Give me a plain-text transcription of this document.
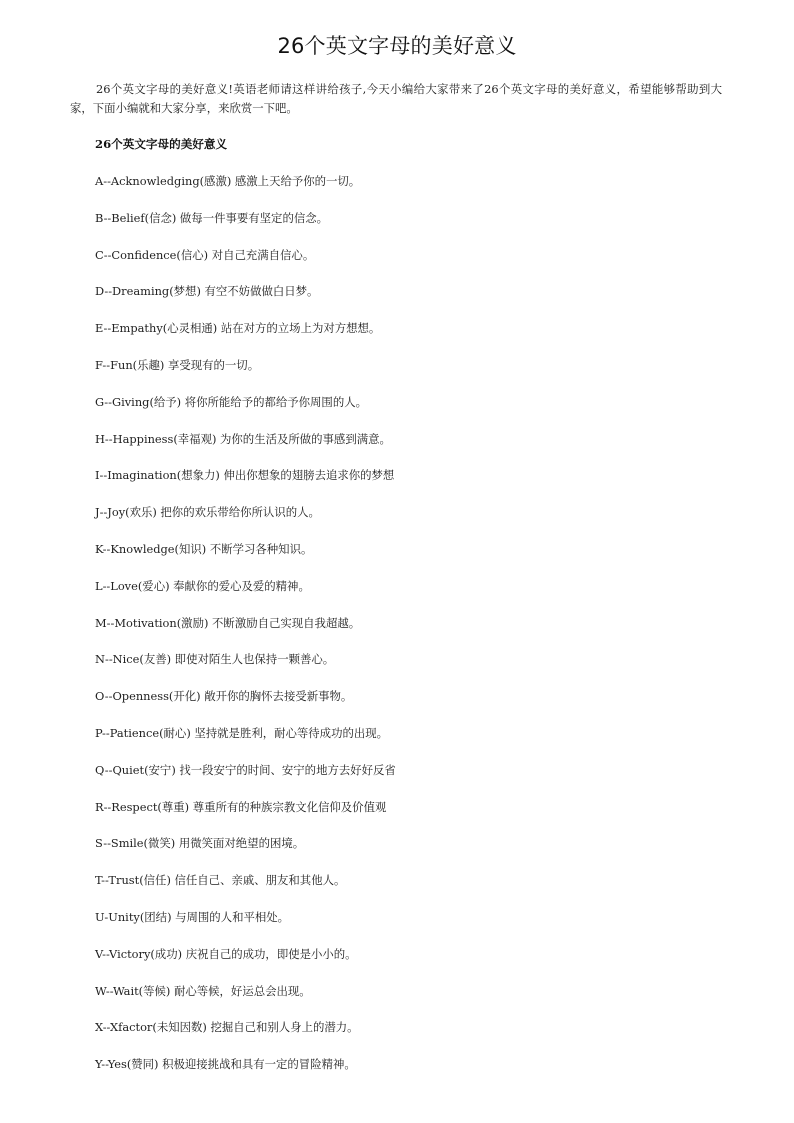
26个英文字母的美好意义
26个英文字母的美好意义!英语老师请这样讲给孩子,今天小编给大家带来了26个英文字母的美好意义，希望能够帮助到大家，下面小编就和大家分享，来欣赏一下吧。
26个英文字母的美好意义
A--Acknowledging(感激) 感激上天给予你的一切。
B--Belief(信念) 做每一件事要有坚定的信念。
C--Confidence(信心) 对自己充满自信心。
D--Dreaming(梦想) 有空不妨做做白日梦。
E--Empathy(心灵相通) 站在对方的立场上为对方想想。
F--Fun(乐趣) 享受现有的一切。
G--Giving(给予) 将你所能给予的都给予你周围的人。
H--Happiness(幸福观) 为你的生活及所做的事感到满意。
I--Imagination(想象力) 伸出你想象的翅膀去追求你的梦想
J--Joy(欢乐) 把你的欢乐带给你所认识的人。
K--Knowledge(知识) 不断学习各种知识。
L--Love(爱心) 奉献你的爱心及爱的精神。
M--Motivation(激励) 不断激励自己实现自我超越。
N--Nice(友善) 即使对陌生人也保持一颗善心。
O--Openness(开化) 敞开你的胸怀去接受新事物。
P--Patience(耐心) 坚持就是胜利，耐心等待成功的出现。
Q--Quiet(安宁) 找一段安宁的时间、安宁的地方去好好反省
R--Respect(尊重) 尊重所有的种族宗教文化信仰及价值观
S--Smile(微笑) 用微笑面对绝望的困境。
T--Trust(信任) 信任自己、亲戚、朋友和其他人。
U-Unity(团结) 与周围的人和平相处。
V--Victory(成功) 庆祝自己的成功，即使是小小的。
W--Wait(等候) 耐心等候，好运总会出现。
X--Xfactor(未知因数) 挖掘自己和别人身上的潜力。
Y--Yes(赞同) 积极迎接挑战和具有一定的冒险精神。
